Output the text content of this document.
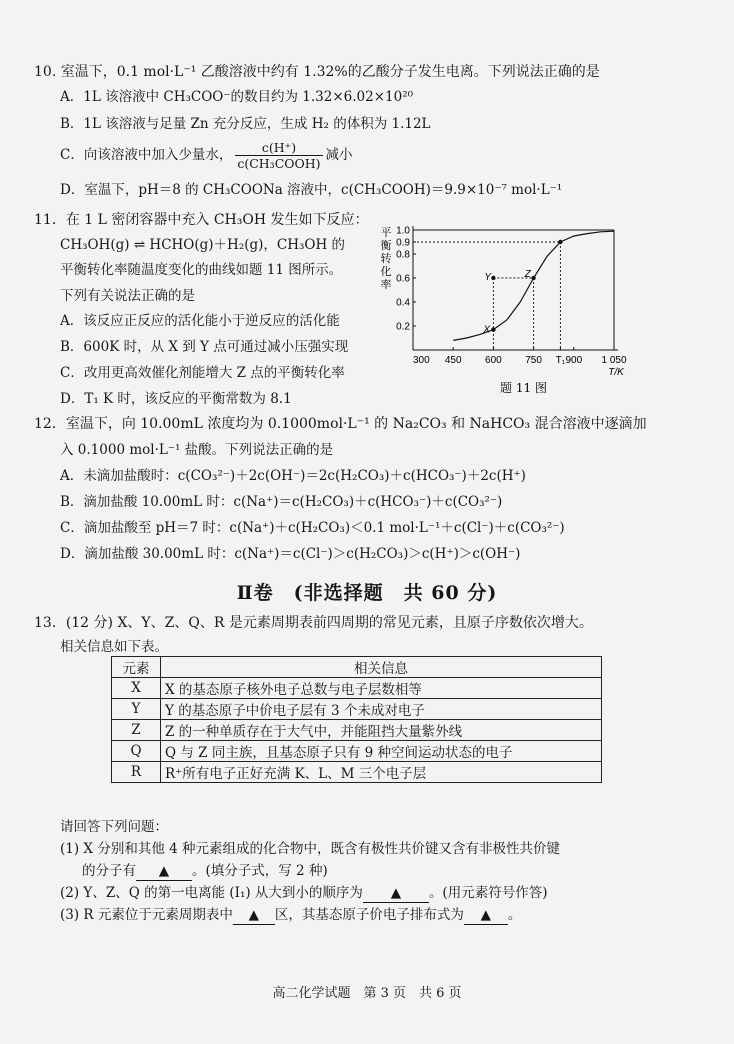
10. 室温下，0.1 mol·L⁻¹ 乙酸溶液中约有 1.32%的乙酸分子发生电离。下列说法正确的是
A．1L 该溶液中 CH₃COO⁻的数目约为 1.32×6.02×10²⁰
B．1L 该溶液与足量 Zn 充分反应，生成 H₂ 的体积为 1.12L
C．向该溶液中加入少量水， $\frac{c(H^+)}{\text{c(CH₃COOH)}}$ 减小
D．室温下，pH＝8 的 CH₃COONa 溶液中，c(CH₃COOH)＝9.9×10⁻⁷ mol·L⁻¹
11．在 1 L 密闭容器中充入 CH₃OH 发生如下反应：
CH₃OH(g) ⇌ HCHO(g)＋H₂(g)，CH₃OH 的
平衡转化率随温度变化的曲线如题 11 图所示。
下列有关说法正确的是
A．该反应正反应的活化能小于逆反应的活化能
B．600K 时，从 X 到 Y 点可通过减小压强实现
C．改用更高效催化剂能增大 Z 点的平衡转化率
D．T₁ K 时，该反应的平衡常数为 8.1
0.2
0.4
0.6
0.8
0.9
1.0
300 450 600 750 T₁ 900 1 050
平
衡
转
化
率
T/K
X
Y	Z
题 11 图
12．室温下，向 10.00mL 浓度均为 0.1000mol·L⁻¹ 的 Na₂CO₃ 和 NaHCO₃ 混合溶液中逐滴加
入 0.1000 mol·L⁻¹ 盐酸。下列说法正确的是
A．未滴加盐酸时：c(CO₃²⁻)＋2c(OH⁻)＝2c(H₂CO₃)＋c(HCO₃⁻)＋2c(H⁺)
B．滴加盐酸 10.00mL 时：c(Na⁺)＝c(H₂CO₃)＋c(HCO₃⁻)＋c(CO₃²⁻)
C．滴加盐酸至 pH＝7 时：c(Na⁺)＋c(H₂CO₃)＜0.1 mol·L⁻¹＋c(Cl⁻)＋c(CO₃²⁻)
D．滴加盐酸 30.00mL 时：c(Na⁺)＝c(Cl⁻)＞c(H₂CO₃)＞c(H⁺)＞c(OH⁻)
Ⅱ卷　(非选择题　共 60 分)
13．(12 分) X、Y、Z、Q、R 是元素周期表前四周期的常见元素，且原子序数依次增大。
相关信息如下表。
元素	相关信息
X	X 的基态原子核外电子总数与电子层数相等
Y	Y 的基态原子中价电子层有 3 个未成对电子
Z	Z 的一种单质存在于大气中，并能阻挡大量紫外线
Q	Q 与 Z 同主族，且基态原子只有 9 种空间运动状态的电子
R	R⁺所有电子正好充满 K、L、M 三个电子层
请回答下列问题：
(1) X 分别和其他 4 种元素组成的化合物中，既含有极性共价键又含有非极性共价键
的分子有 ▲ 。(填分子式，写 2 种)
(2) Y、Z、Q 的第一电离能 (I₁) 从大到小的顺序为 ▲ 。(用元素符号作答)
(3) R 元素位于元素周期表中 ▲ 区，其基态原子价电子排布式为 ▲ 。
高二化学试题　第 3 页　共 6 页
